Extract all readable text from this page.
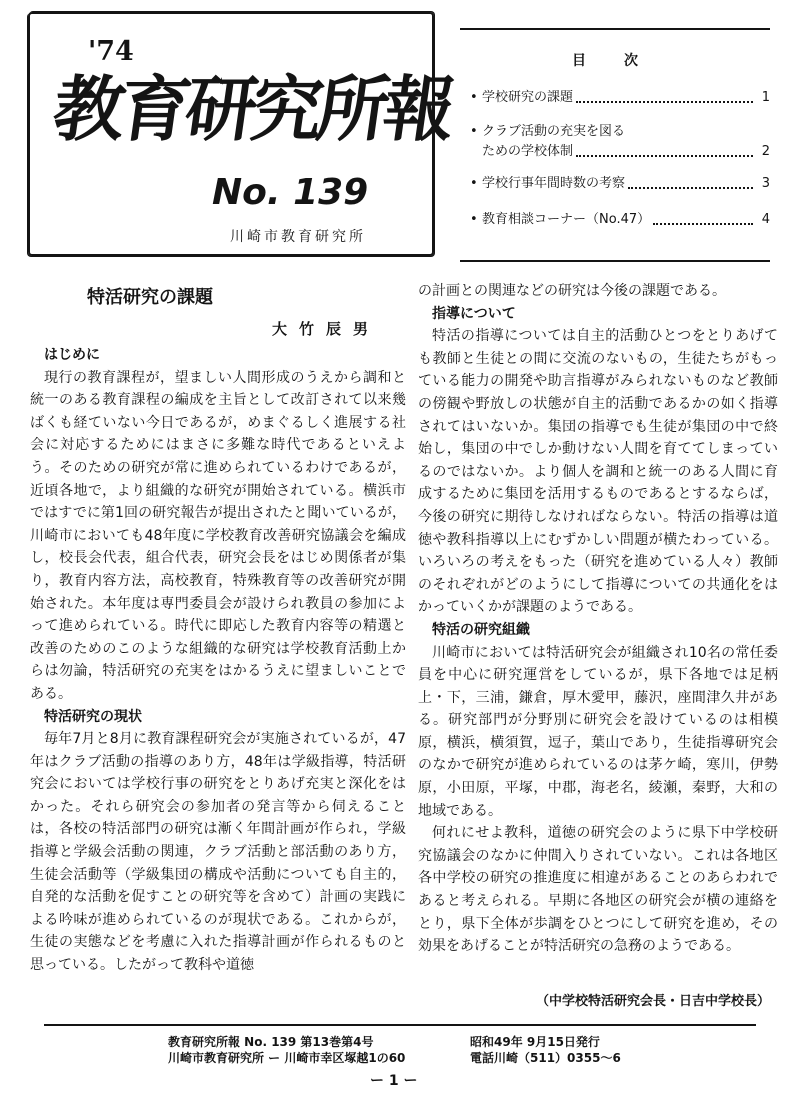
'74
教育研究所報
No. 139
川崎市教育研究所
目次
• 学校研究の課題	1
• クラブ活動の充実を図る
ための学校体制	2
• 学校行事年間時数の考察	3
• 教育相談コーナー（No.47）	4
特活研究の課題
大竹辰男
はじめに

現行の教育課程が，望ましい人間形成のうえから調和と統一のある教育課程の編成を主旨として改訂されて以来幾ばくも経ていない今日であるが，めまぐるしく進展する社会に対応するためにはまさに多難な時代であるといえよう。そのための研究が常に進められているわけであるが，近頃各地で，より組織的な研究が開始されている。横浜市ではすでに第1回の研究報告が提出されたと聞いているが，川崎市においても48年度に学校教育改善研究協議会を編成し，校長会代表，組合代表，研究会長をはじめ関係者が集り，教育内容方法，高校教育，特殊教育等の改善研究が開始された。本年度は専門委員会が設けられ教員の参加によって進められている。時代に即応した教育内容等の精選と改善のためのこのような組織的な研究は学校教育活動上からは勿論，特活研究の充実をはかるうえに望ましいことである。

特活研究の現状

毎年7月と8月に教育課程研究会が実施されているが，47年はクラブ活動の指導のあり方，48年は学級指導，特活研究会においては学校行事の研究をとりあげ充実と深化をはかった。それら研究会の参加者の発言等から伺えることは，各校の特活部門の研究は漸く年間計画が作られ，学級指導と学級会活動の関連，クラブ活動と部活動のあり方，生徒会活動等（学級集団の構成や活動についても自主的，自発的な活動を促すことの研究等を含めて）計画の実践による吟味が進められているのが現状である。これからが，生徒の実態などを考慮に入れた指導計画が作られるものと思っている。したがって教科や道徳

の計画との関連などの研究は今後の課題である。

指導について

特活の指導については自主的活動ひとつをとりあげても教師と生徒との間に交流のないもの，生徒たちがもっている能力の開発や助言指導がみられないものなど教師の傍観や野放しの状態が自主的活動であるかの如く指導されてはいないか。集団の指導でも生徒が集団の中で終始し，集団の中でしか動けない人間を育ててしまっているのではないか。より個人を調和と統一のある人間に育成するために集団を活用するものであるとするならば，今後の研究に期待しなければならない。特活の指導は道徳や教科指導以上にむずかしい問題が横たわっている。いろいろの考えをもった（研究を進めている人々）教師のそれぞれがどのようにして指導についての共通化をはかっていくかが課題のようである。

特活の研究組織

川崎市においては特活研究会が組織され10名の常任委員を中心に研究運営をしているが，県下各地では足柄上・下，三浦，鎌倉，厚木愛甲，藤沢，座間津久井がある。研究部門が分野別に研究会を設けているのは相模原，横浜，横須賀，逗子，葉山であり，生徒指導研究会のなかで研究が進められているのは茅ケ崎，寒川，伊勢原，小田原，平塚，中郡，海老名，綾瀬，秦野，大和の地域である。

何れにせよ教科，道徳の研究会のように県下中学校研究協議会のなかに仲間入りされていない。これは各地区各中学校の研究の推進度に相違があることのあらわれであると考えられる。早期に各地区の研究会が横の連絡をとり，県下全体が歩調をひとつにして研究を進め，その効果をあげることが特活研究の急務のようである。

（中学校特活研究会長・日吉中学校長）
教育研究所報 No. 139 第13巻第4号
川崎市教育研究所 ー 川崎市幸区塚越1の60
昭和49年 9月15日発行
電話川崎（511）0355～6
ー 1 ー
